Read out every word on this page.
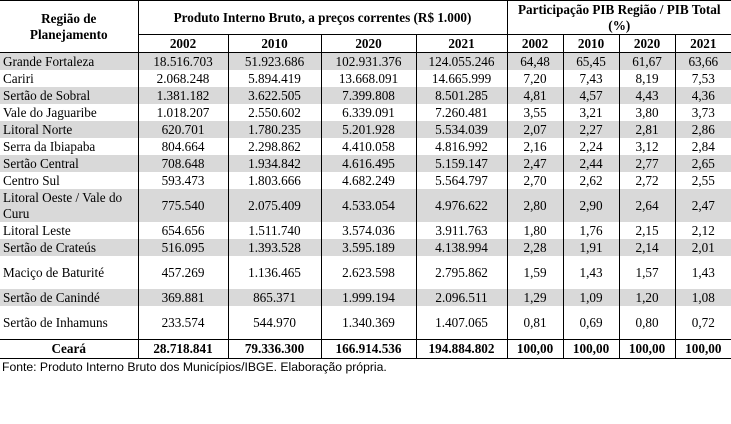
Região de Planejamento	Produto Interno Bruto, a preços correntes (R$ 1.000)				Participação PIB Região / PIB Total (%)			
	2002	2010	2020	2021	2002	2010	2020	2021
Grande Fortaleza	18.516.703	51.923.686	102.931.376	124.055.246	64,48	65,45	61,67	63,66
Cariri	2.068.248	5.894.419	13.668.091	14.665.999	7,20	7,43	8,19	7,53
Sertão de Sobral	1.381.182	3.622.505	7.399.808	8.501.285	4,81	4,57	4,43	4,36
Vale do Jaguaribe	1.018.207	2.550.602	6.339.091	7.260.481	3,55	3,21	3,80	3,73
Litoral Norte	620.701	1.780.235	5.201.928	5.534.039	2,07	2,27	2,81	2,86
Serra da Ibiapaba	804.664	2.298.862	4.410.058	4.816.992	2,16	2,24	3,12	2,84
Sertão Central	708.648	1.934.842	4.616.495	5.159.147	2,47	2,44	2,77	2,65
Centro Sul	593.473	1.803.666	4.682.249	5.564.797	2,70	2,62	2,72	2,55
Litoral Oeste / Vale do Curu	775.540	2.075.409	4.533.054	4.976.622	2,80	2,90	2,64	2,47
Litoral Leste	654.656	1.511.740	3.574.036	3.911.763	1,80	1,76	2,15	2,12
Sertão de Crateús	516.095	1.393.528	3.595.189	4.138.994	2,28	1,91	2,14	2,01
Maciço de Baturité	457.269	1.136.465	2.623.598	2.795.862	1,59	1,43	1,57	1,43
Sertão de Canindé	369.881	865.371	1.999.194	2.096.511	1,29	1,09	1,20	1,08
Sertão de Inhamuns	233.574	544.970	1.340.369	1.407.065	0,81	0,69	0,80	0,72
Ceará	28.718.841	79.336.300	166.914.536	194.884.802	100,00	100,00	100,00	100,00
Fonte: Produto Interno Bruto dos Municípios/IBGE. Elaboração própria.
